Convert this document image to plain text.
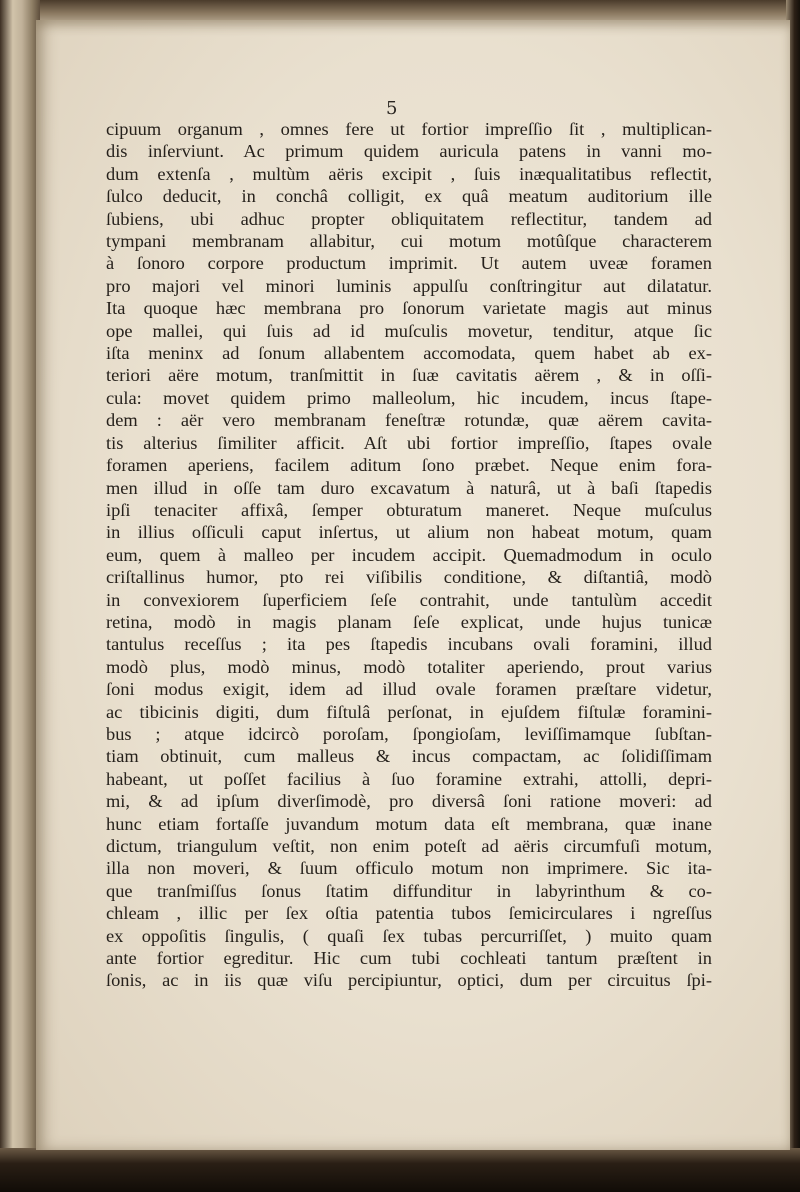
5
cipuum organum , omnes fere ut fortior impreſſio ſit , multiplican-
dis inſerviunt. Ac primum quidem auricula patens in vanni mo-
dum extenſa , multùm aëris excipit , ſuis inæqualitatibus reflectit,
ſulco deducit, in conchâ colligit, ex quâ meatum auditorium ille
ſubiens, ubi adhuc propter obliquitatem reflectitur, tandem ad
tympani membranam allabitur, cui motum motûſque characterem
à ſonoro corpore productum imprimit. Ut autem uveæ foramen
pro majori vel minori luminis appulſu conſtringitur aut dilatatur.
Ita quoque hæc membrana pro ſonorum varietate magis aut minus
ope mallei, qui ſuis ad id muſculis movetur, tenditur, atque ſic
iſta meninx ad ſonum allabentem accomodata, quem habet ab ex-
teriori aëre motum, tranſmittit in ſuæ cavitatis aërem , & in oſſi-
cula: movet quidem primo malleolum, hic incudem, incus ſtape-
dem : aër vero membranam feneſtræ rotundæ, quæ aërem cavita-
tis alterius ſimiliter afficit. Aſt ubi fortior impreſſio, ſtapes ovale
foramen aperiens, facilem aditum ſono præbet. Neque enim fora-
men illud in oſſe tam duro excavatum à naturâ, ut à baſi ſtapedis
ipſi tenaciter affixâ, ſemper obturatum maneret. Neque muſculus
in illius oſſiculi caput inſertus, ut alium non habeat motum, quam
eum, quem à malleo per incudem accipit. Quemadmodum in oculo
criſtallinus humor, pto rei viſibilis conditione, & diſtantiâ, modò
in convexiorem ſuperficiem ſeſe contrahit, unde tantulùm accedit
retina, modò in magis planam ſeſe explicat, unde hujus tunicæ
tantulus receſſus ; ita pes ſtapedis incubans ovali foramini, illud
modò plus, modò minus, modò totaliter aperiendo, prout varius
ſoni modus exigit, idem ad illud ovale foramen præſtare videtur,
ac tibicinis digiti, dum fiſtulâ perſonat, in ejuſdem fiſtulæ foramini-
bus ; atque idcircò poroſam, ſpongioſam, leviſſimamque ſubſtan-
tiam obtinuit, cum malleus & incus compactam, ac ſolidiſſimam
habeant, ut poſſet facilius à ſuo foramine extrahi, attolli, depri-
mi, & ad ipſum diverſimodè, pro diversâ ſoni ratione moveri: ad
hunc etiam fortaſſe juvandum motum data eſt membrana, quæ inane
dictum, triangulum veſtit, non enim poteſt ad aëris circumfuſi motum,
illa non moveri, & ſuum officulo motum non imprimere. Sic ita-
que tranſmiſſus ſonus ſtatim diffunditur in labyrinthum & co-
chleam , illic per ſex oſtia patentia tubos ſemicirculares i ngreſſus
ex oppoſitis ſingulis, ( quaſi ſex tubas percurriſſet, ) muito quam
ante fortior egreditur. Hic cum tubi cochleati tantum præſtent in
ſonis, ac in iis quæ viſu percipiuntur, optici, dum per circuitus ſpi-
